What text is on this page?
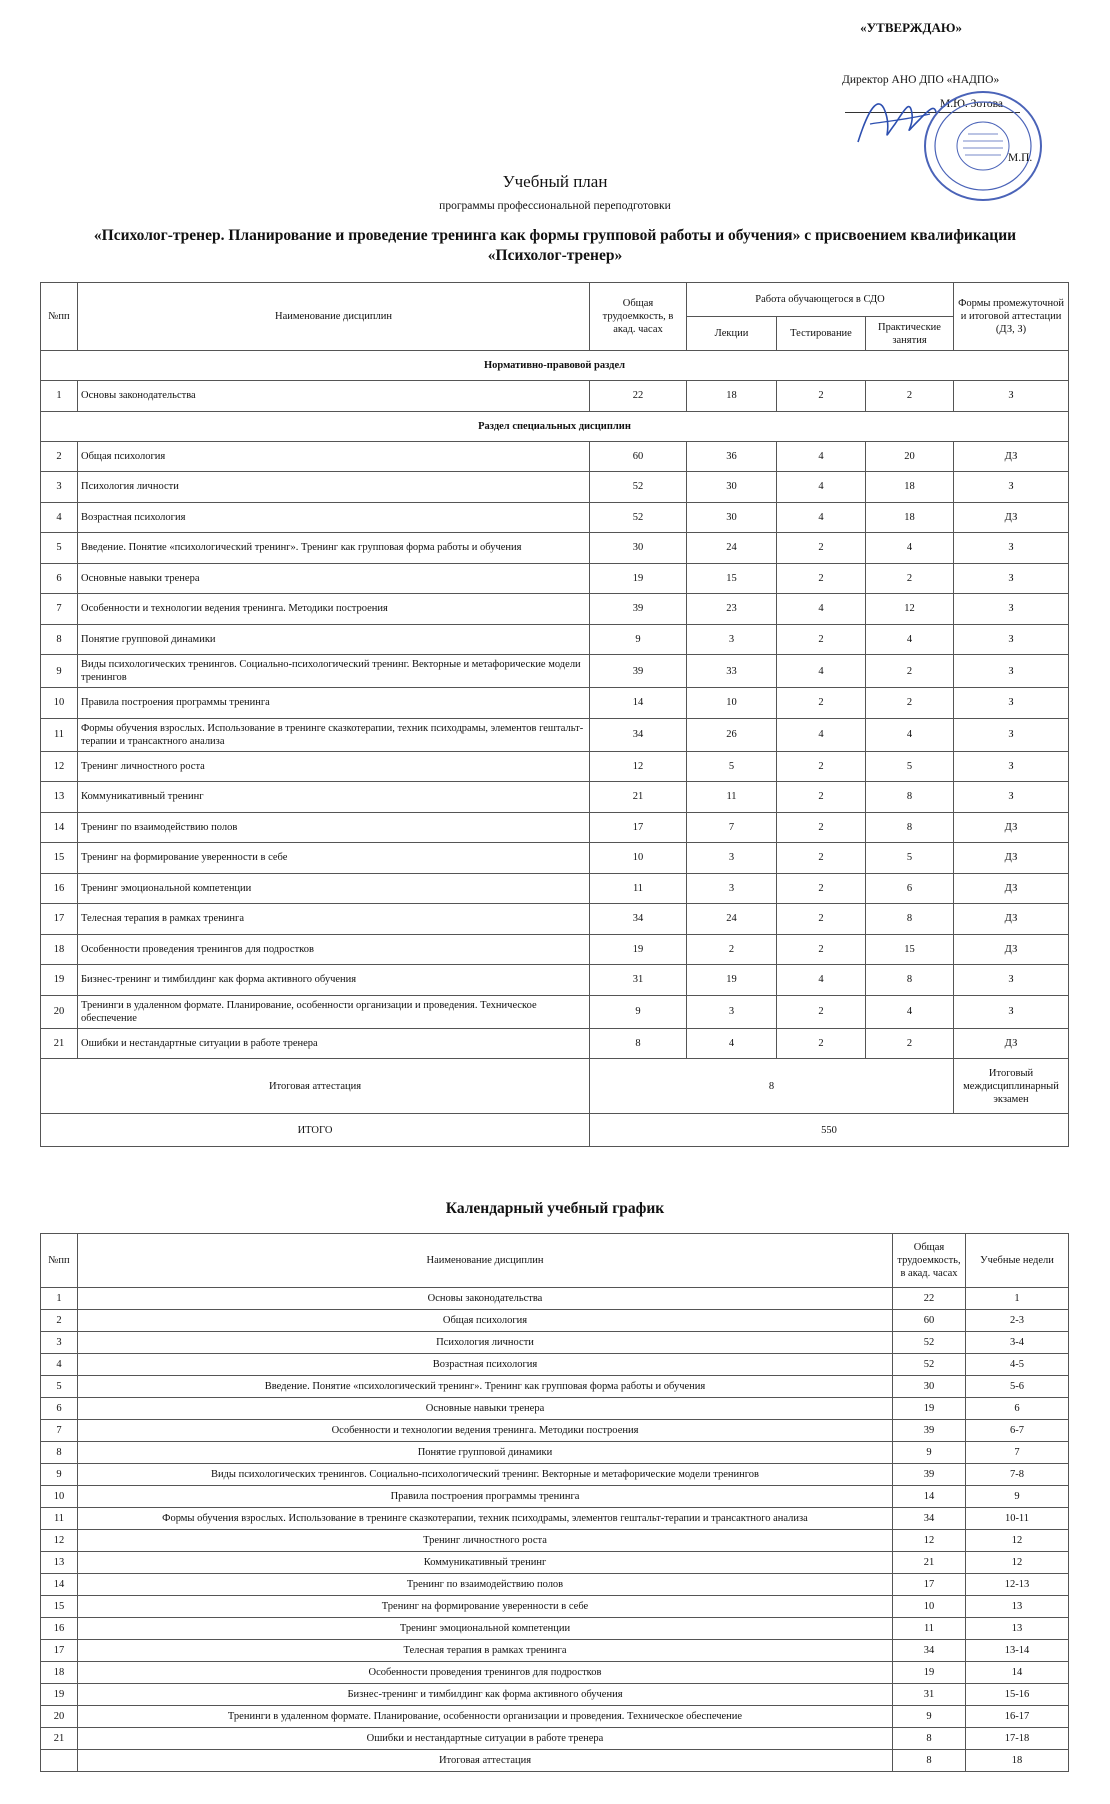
«УТВЕРЖДАЮ»
Директор АНО ДПО «НАДПО»
М.Ю. Зотова
М.П.
Учебный план
программы профессиональной переподготовки
«Психолог-тренер. Планирование и проведение тренинга как формы групповой работы и обучения» с присвоением квалификации «Психолог-тренер»
№пп	Наименование дисциплин	Общая трудоемкость, в акад. часах	Работа обучающегося в СДО			Формы промежуточной и итоговой аттестации (ДЗ, З)
			Лекции	Тестирование	Практические занятия	
Нормативно-правовой раздел						
1	Основы законодательства	22	18	2	2	З
Раздел специальных дисциплин						
2	Общая психология	60	36	4	20	ДЗ
3	Психология личности	52	30	4	18	З
4	Возрастная психология	52	30	4	18	ДЗ
5	Введение. Понятие «психологический тренинг». Тренинг как групповая форма работы и обучения	30	24	2	4	З
6	Основные навыки тренера	19	15	2	2	З
7	Особенности и технологии ведения тренинга. Методики построения	39	23	4	12	З
8	Понятие групповой динамики	9	3	2	4	З
9	Виды психологических тренингов. Социально-психологический тренинг. Векторные и метафорические модели тренингов	39	33	4	2	З
10	Правила построения программы тренинга	14	10	2	2	З
11	Формы обучения взрослых. Использование в тренинге сказкотерапии, техник психодрамы, элементов гештальт-терапии и трансактного анализа	34	26	4	4	З
12	Тренинг личностного роста	12	5	2	5	З
13	Коммуникативный тренинг	21	11	2	8	З
14	Тренинг по взаимодействию полов	17	7	2	8	ДЗ
15	Тренинг на формирование уверенности в себе	10	3	2	5	ДЗ
16	Тренинг эмоциональной компетенции	11	3	2	6	ДЗ
17	Телесная терапия в рамках тренинга	34	24	2	8	ДЗ
18	Особенности проведения тренингов для подростков	19	2	2	15	ДЗ
19	Бизнес-тренинг и тимбилдинг как форма активного обучения	31	19	4	8	З
20	Тренинги в удаленном формате. Планирование, особенности организации и проведения. Техническое обеспечение	9	3	2	4	З
21	Ошибки и нестандартные ситуации в работе тренера	8	4	2	2	ДЗ
Итоговая аттестация		8				Итоговый междисциплинарный экзамен
ИТОГО		550				
Календарный учебный график
№пп	Наименование дисциплин	Общая трудоемкость, в акад. часах	Учебные недели
1	Основы законодательства	22	1
2	Общая психология	60	2-3
3	Психология личности	52	3-4
4	Возрастная психология	52	4-5
5	Введение. Понятие «психологический тренинг». Тренинг как групповая форма работы и обучения	30	5-6
6	Основные навыки тренера	19	6
7	Особенности и технологии ведения тренинга. Методики построения	39	6-7
8	Понятие групповой динамики	9	7
9	Виды психологических тренингов. Социально-психологический тренинг. Векторные и метафорические модели тренингов	39	7-8
10	Правила построения программы тренинга	14	9
11	Формы обучения взрослых. Использование в тренинге сказкотерапии, техник психодрамы, элементов гештальт-терапии и трансактного анализа	34	10-11
12	Тренинг личностного роста	12	12
13	Коммуникативный тренинг	21	12
14	Тренинг по взаимодействию полов	17	12-13
15	Тренинг на формирование уверенности в себе	10	13
16	Тренинг эмоциональной компетенции	11	13
17	Телесная терапия в рамках тренинга	34	13-14
18	Особенности проведения тренингов для подростков	19	14
19	Бизнес-тренинг и тимбилдинг как форма активного обучения	31	15-16
20	Тренинги в удаленном формате. Планирование, особенности организации и проведения. Техническое обеспечение	9	16-17
21	Ошибки и нестандартные ситуации в работе тренера	8	17-18
	Итоговая аттестация	8	18
